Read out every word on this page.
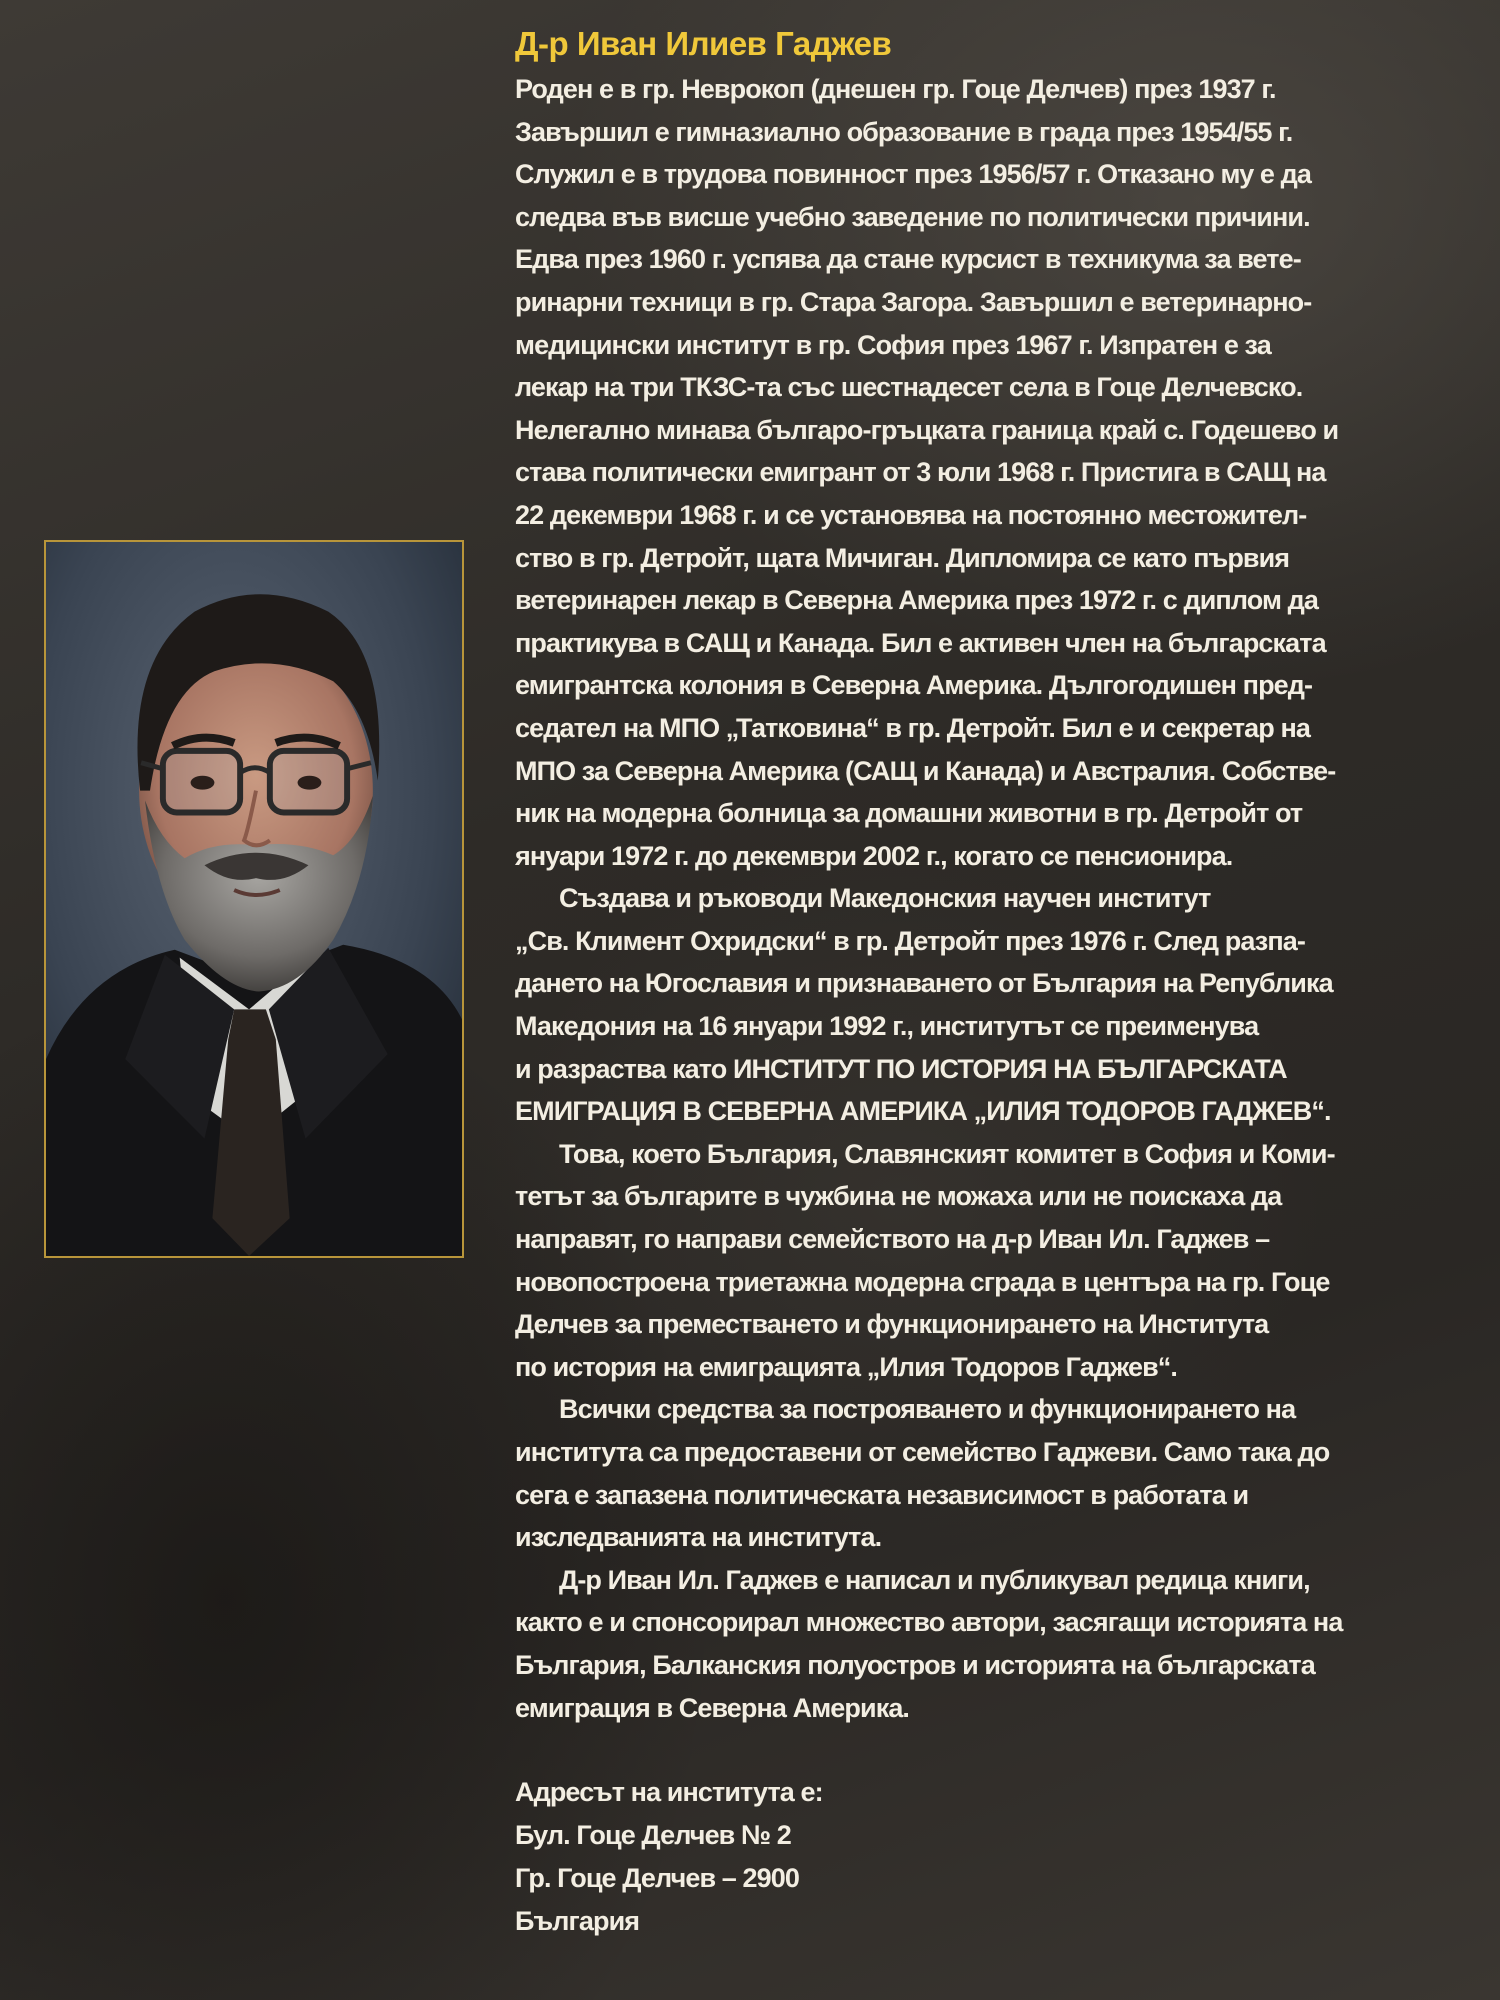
Д-р Иван Илиев Гаджев
Роден е в гр. Неврокоп (днешен гр. Гоце Делчев) през 1937 г.
Завършил е гимназиално образование в града през 1954/55 г.
Служил е в трудова повинност през 1956/57 г. Отказано му е да
следва във висше учебно заведение по политически причини.
Едва през 1960 г. успява да стане курсист в техникума за вете-
ринарни техници в гр. Стара Загора. Завършил е ветеринарно-
медицински институт в гр. София през 1967 г. Изпратен е за
лекар на три ТКЗС-та със шестнадесет села в Гоце Делчевско.
Нелегално минава българо-гръцката граница край с. Годешево и
става политически емигрант от 3 юли 1968 г. Пристига в САЩ на
22 декември 1968 г. и се установява на постоянно местожител-
ство в гр. Детройт, щата Мичиган. Дипломира се като първия
ветеринарен лекар в Северна Америка през 1972 г. с диплом да
практикува в САЩ и Канада. Бил е активен член на българската
емигрантска колония в Северна Америка. Дългогодишен пред-
седател на МПО „Татковина“ в гр. Детройт. Бил е и секретар на
МПО за Северна Америка (САЩ и Канада) и Австралия. Собстве-
ник на модерна болница за домашни животни в гр. Детройт от
януари 1972 г. до декември 2002 г., когато се пенсионира.
Създава и ръководи Македонския научен институт
„Св. Климент Охридски“ в гр. Детройт през 1976 г. След разпа-
дането на Югославия и признаването от България на Република
Македония на 16 януари 1992 г., институтът се преименува
и разраства като ИНСТИТУТ ПО ИСТОРИЯ НА БЪЛГАРСКАТА
ЕМИГРАЦИЯ В СЕВЕРНА АМЕРИКА „ИЛИЯ ТОДОРОВ ГАДЖЕВ“.
Това, което България, Славянският комитет в София и Коми-
тетът за българите в чужбина не можаха или не поискаха да
направят, го направи семейството на д-р Иван Ил. Гаджев –
новопостроена триетажна модерна сграда в центъра на гр. Гоце
Делчев за преместването и функционирането на Института
по история на емиграцията „Илия Тодоров Гаджев“.
Всички средства за построяването и функционирането на
института са предоставени от семейство Гаджеви. Само така до
сега е запазена политическата независимост в работата и
изследванията на института.
Д-р Иван Ил. Гаджев е написал и публикувал редица книги,
както е и спонсорирал множество автори, засягащи историята на
България, Балканския полуостров и историята на българската
емиграция в Северна Америка.
Адресът на института е:
Бул. Гоце Делчев № 2
Гр. Гоце Делчев – 2900
България
